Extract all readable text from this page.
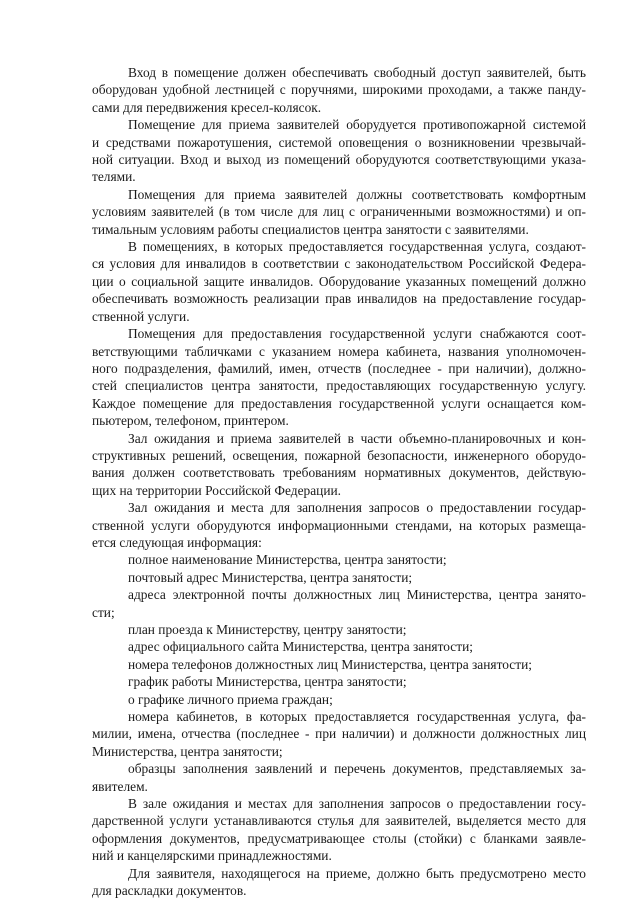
Вход в помещение должен обеспечивать свободный доступ заявителей, быть
оборудован удобной лестницей с поручнями, широкими проходами, а также панду-
сами для передвижения кресел-колясок.

Помещение для приема заявителей оборудуется противопожарной системой
и средствами пожаротушения, системой оповещения о возникновении чрезвычай-
ной ситуации. Вход и выход из помещений оборудуются соответствующими указа-
телями.

Помещения для приема заявителей должны соответствовать комфортным
условиям заявителей (в том числе для лиц с ограниченными возможностями) и оп-
тимальным условиям работы специалистов центра занятости с заявителями.

В помещениях, в которых предоставляется государственная услуга, создают-
ся условия для инвалидов в соответствии с законодательством Российской Федера-
ции о социальной защите инвалидов. Оборудование указанных помещений должно
обеспечивать возможность реализации прав инвалидов на предоставление государ-
ственной услуги.

Помещения для предоставления государственной услуги снабжаются соот-
ветствующими табличками с указанием номера кабинета, названия уполномочен-
ного подразделения, фамилий, имен, отчеств (последнее - при наличии), должно-
стей специалистов центра занятости, предоставляющих государственную услугу.
Каждое помещение для предоставления государственной услуги оснащается ком-
пьютером, телефоном, принтером.

Зал ожидания и приема заявителей в части объемно-планировочных и кон-
структивных решений, освещения, пожарной безопасности, инженерного оборудо-
вания должен соответствовать требованиям нормативных документов, действую-
щих на территории Российской Федерации.

Зал ожидания и места для заполнения запросов о предоставлении государ-
ственной услуги оборудуются информационными стендами, на которых размеща-
ется следующая информация:

полное наименование Министерства, центра занятости;

почтовый адрес Министерства, центра занятости;

адреса электронной почты должностных лиц Министерства, центра занято-
сти;

план проезда к Министерству, центру занятости;

адрес официального сайта Министерства, центра занятости;

номера телефонов должностных лиц Министерства, центра занятости;

график работы Министерства, центра занятости;

о графике личного приема граждан;

номера кабинетов, в которых предоставляется государственная услуга, фа-
милии, имена, отчества (последнее - при наличии) и должности должностных лиц
Министерства, центра занятости;

образцы заполнения заявлений и перечень документов, представляемых за-
явителем.

В зале ожидания и местах для заполнения запросов о предоставлении госу-
дарственной услуги устанавливаются стулья для заявителей, выделяется место для
оформления документов, предусматривающее столы (стойки) с бланками заявле-
ний и канцелярскими принадлежностями.

Для заявителя, находящегося на приеме, должно быть предусмотрено место
для раскладки документов.
